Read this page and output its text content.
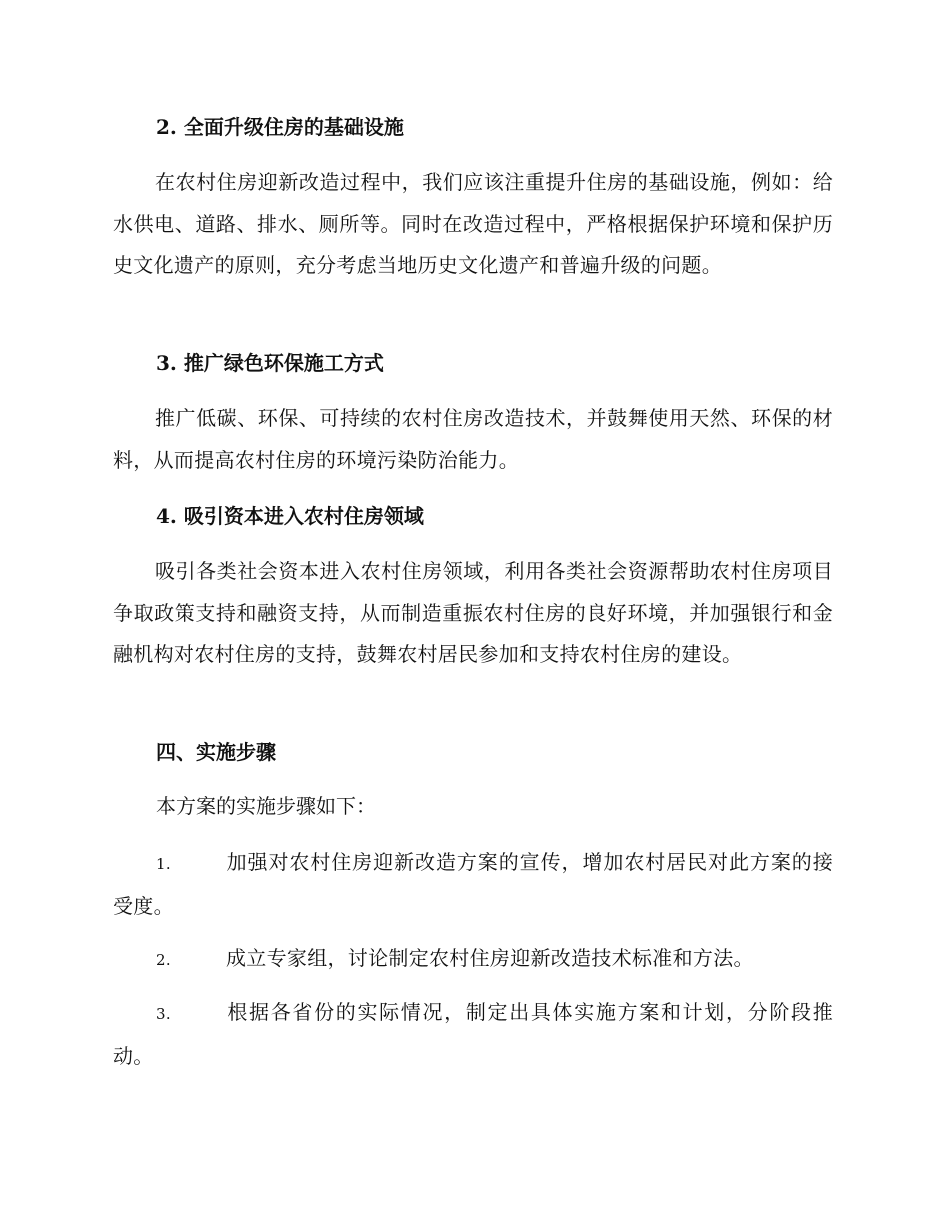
2. 全面升级住房的基础设施
在农村住房迎新改造过程中，我们应该注重提升住房的基础设施，例如：给水供电、道路、排水、厕所等。同时在改造过程中，严格根据保护环境和保护历史文化遗产的原则，充分考虑当地历史文化遗产和普遍升级的问题。
3. 推广绿色环保施工方式
推广低碳、环保、可持续的农村住房改造技术，并鼓舞使用天然、环保的材料，从而提高农村住房的环境污染防治能力。
4. 吸引资本进入农村住房领域
吸引各类社会资本进入农村住房领域，利用各类社会资源帮助农村住房项目争取政策支持和融资支持，从而制造重振农村住房的良好环境，并加强银行和金融机构对农村住房的支持，鼓舞农村居民参加和支持农村住房的建设。
四、实施步骤
本方案的实施步骤如下：
1.	加强对农村住房迎新改造方案的宣传，增加农村居民对此方案的接受度。
2.	成立专家组，讨论制定农村住房迎新改造技术标准和方法。
3.	根据各省份的实际情况，制定出具体实施方案和计划，分阶段推动。
